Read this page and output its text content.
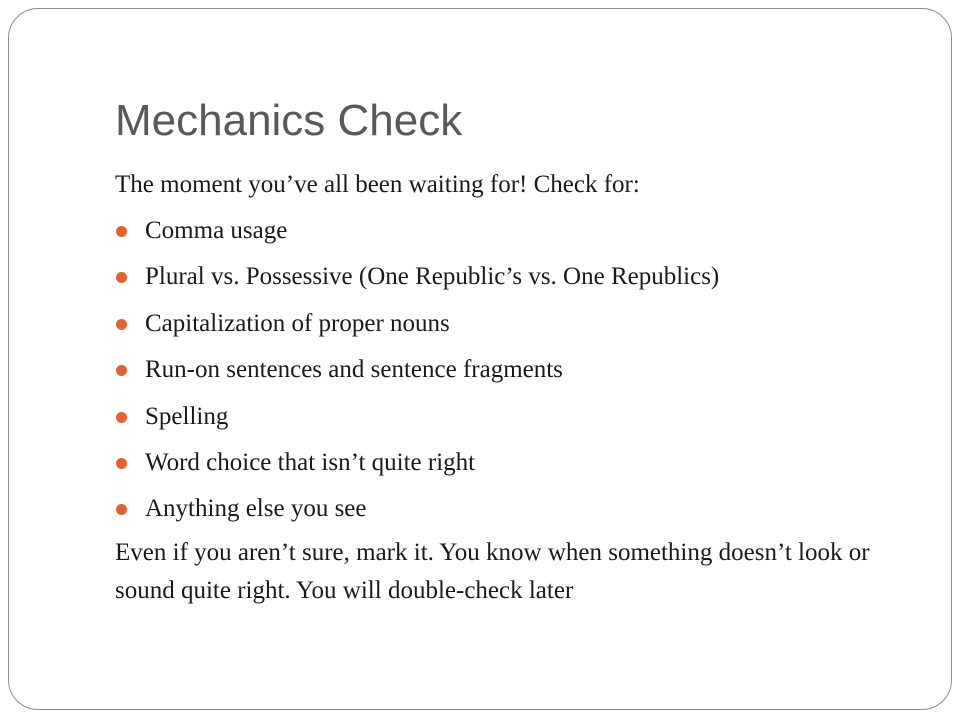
Mechanics Check

The moment you’ve all been waiting for! Check for:

Comma usage
Plural vs. Possessive (One Republic’s vs. One Republics)
Capitalization of proper nouns
Run-on sentences and sentence fragments
Spelling
Word choice that isn’t quite right
Anything else you see

Even if you aren’t sure, mark it. You know when something doesn’t look or sound quite right. You will double-check later
